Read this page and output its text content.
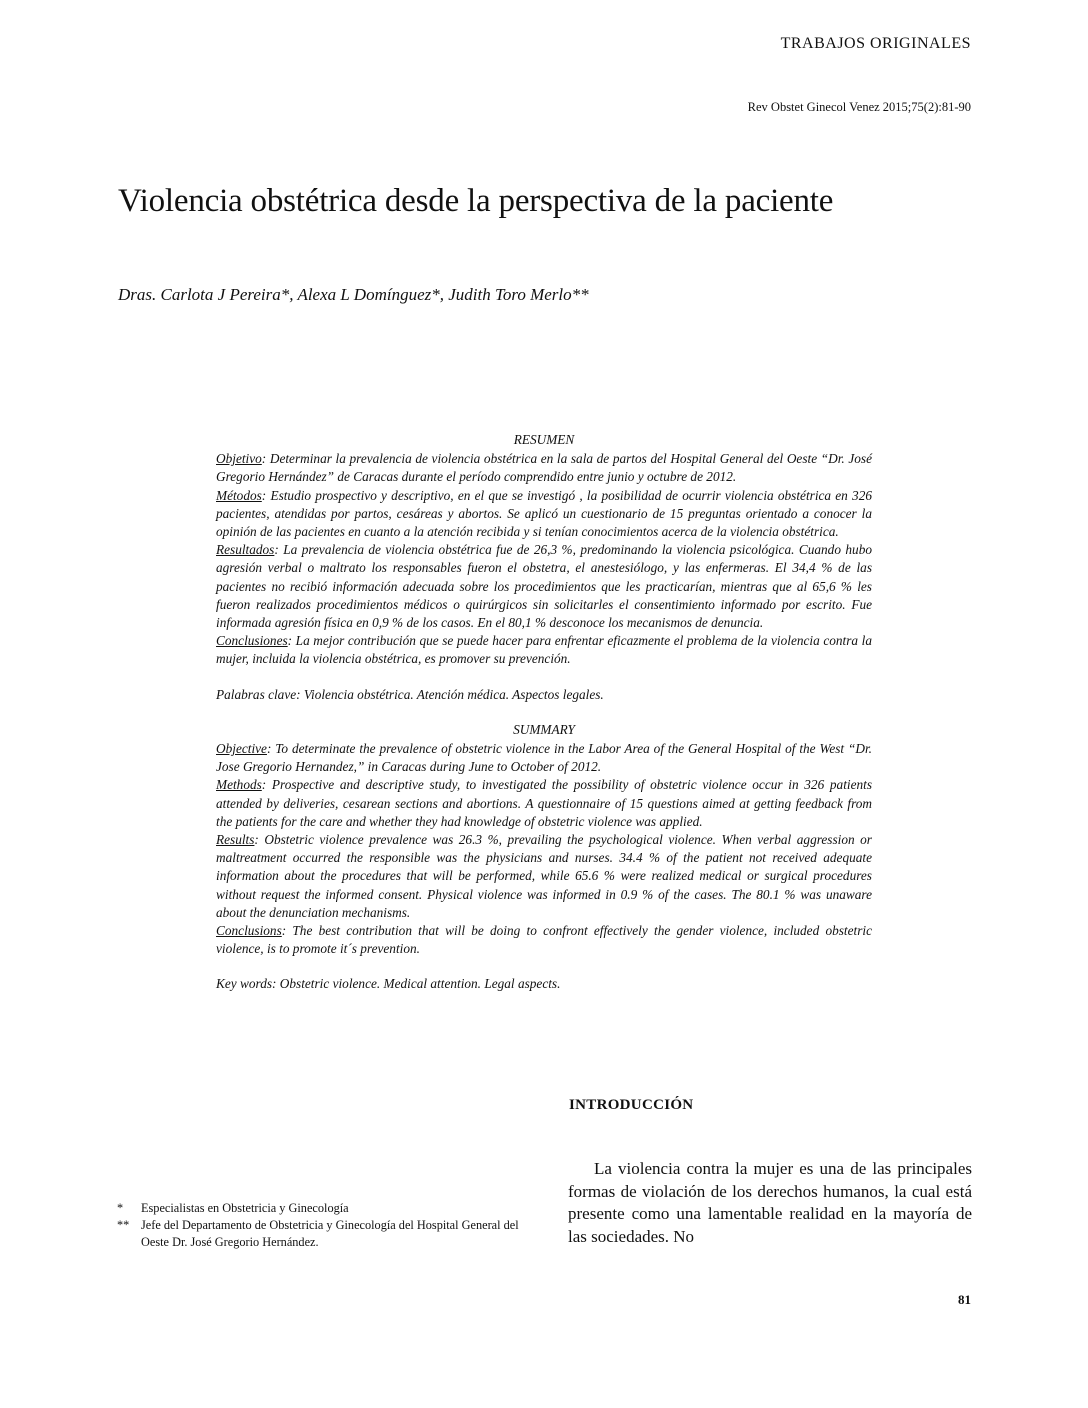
TRABAJOS ORIGINALES
Rev Obstet Ginecol Venez 2015;75(2):81-90
Violencia obstétrica desde la perspectiva de la paciente
Dras. Carlota J Pereira*, Alexa L Domínguez*, Judith Toro Merlo**

RESUMEN

Objetivo: Determinar la prevalencia de violencia obstétrica en la sala de partos del Hospital General del Oeste “Dr. José Gregorio Hernández” de Caracas durante el período comprendido entre junio y octubre de 2012.

Métodos: Estudio prospectivo y descriptivo, en el que se investigó , la posibilidad de ocurrir violencia obstétrica en 326 pacientes, atendidas por partos, cesáreas y abortos. Se aplicó un cuestionario de 15 preguntas orientado a conocer la opinión de las pacientes en cuanto a la atención recibida y si tenían conocimientos acerca de la violencia obstétrica.

Resultados: La prevalencia de violencia obstétrica fue de 26,3 %, predominando la violencia psicológica. Cuando hubo agresión verbal o maltrato los responsables fueron el obstetra, el anestesiólogo, y las enfermeras. El 34,4 % de las pacientes no recibió información adecuada sobre los procedimientos que les practicarían, mientras que al 65,6 % les fueron realizados procedimientos médicos o quirúrgicos sin solicitarles el consentimiento informado por escrito. Fue informada agresión física en 0,9 % de los casos. En el 80,1 % desconoce los mecanismos de denuncia.

Conclusiones: La mejor contribución que se puede hacer para enfrentar eficazmente el problema de la violencia contra la mujer, incluida la violencia obstétrica, es promover su prevención.

Palabras clave: Violencia obstétrica. Atención médica. Aspectos legales.

SUMMARY

Objective: To determinate the prevalence of obstetric violence in the Labor Area of the General Hospital of the West “Dr. Jose Gregorio Hernandez,” in Caracas during June to October of 2012.

Methods: Prospective and descriptive study, to investigated the possibility of obstetric violence occur in 326 patients attended by deliveries, cesarean sections and abortions. A questionnaire of 15 questions aimed at getting feedback from the patients for the care and whether they had knowledge of obstetric violence was applied.

Results: Obstetric violence prevalence was 26.3 %, prevailing the psychological violence. When verbal aggression or maltreatment occurred the responsible was the physicians and nurses. 34.4 % of the patient not received adequate information about the procedures that will be performed, while 65.6 % were realized medical or surgical procedures without request the informed consent. Physical violence was informed in 0.9 % of the cases. The 80.1 % was unaware about the denunciation mechanisms.

Conclusions: The best contribution that will be doing to confront effectively the gender violence, included obstetric violence, is to promote it´s prevention.

Key words: Obstetric violence. Medical attention. Legal aspects.

INTRODUCCIÓN

La violencia contra la mujer es una de las principales formas de violación de los derechos humanos, la cual está presente como una lamentable realidad en la mayoría de las sociedades. No

*	Especialistas en Obstetricia y Ginecología
** Jefe del Departamento de Obstetricia y Ginecología del Hospital General del Oeste Dr. José Gregorio Hernández.
81
